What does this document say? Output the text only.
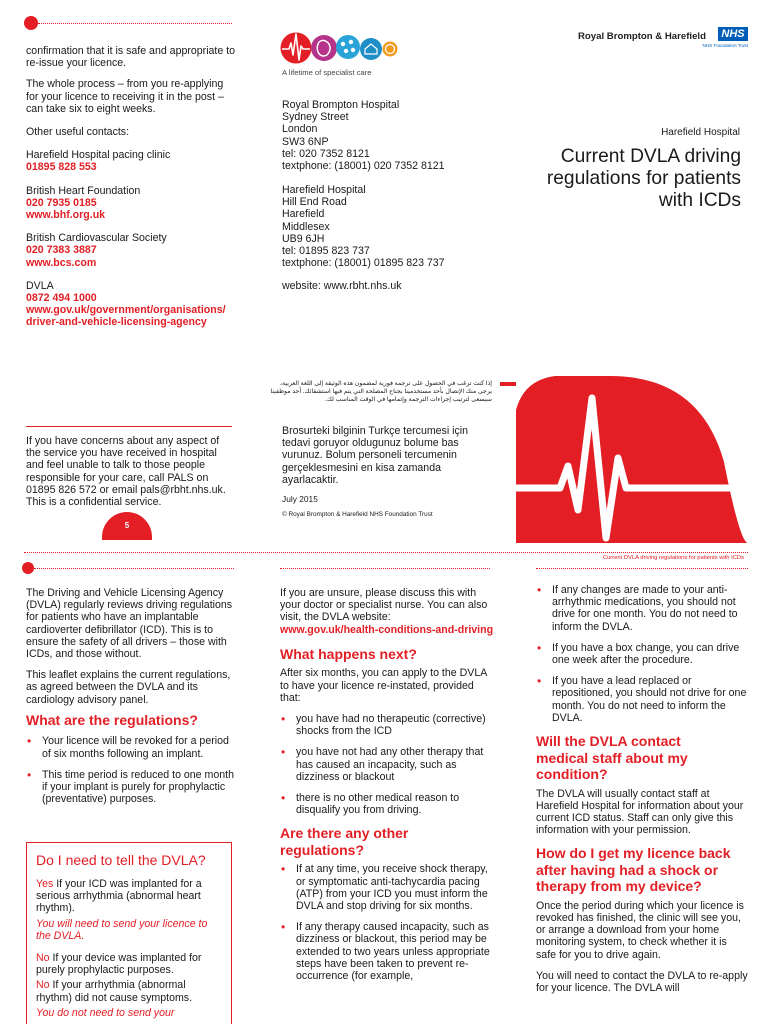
confirmation that it is safe and appropriate to re-issue your licence.

The whole process – from you re-applying for your licence to receiving it in the post – can take six to eight weeks.

Other useful contacts:

Harefield Hospital pacing clinic
01895 828 553
British Heart Foundation
020 7935 0185
www.bhf.org.uk
British Cardiovascular Society
020 7383 3887
www.bcs.com
DVLA
0872 494 1000
www.gov.uk/government/organisations/
driver-and-vehicle-licensing-agency
If you have concerns about any aspect of the service you have received in hospital and feel unable to talk to those people responsible for your care, call PALS on 01895 826 572 or email pals@rbht.nhs.uk. This is a confidential service.
5
A lifetime of specialist care
Royal Brompton Hospital
Sydney Street
London
SW3 6NP
tel: 020 7352 8121
textphone: (18001) 020 7352 8121
Harefield Hospital
Hill End Road
Harefield
Middlesex
UB9 6JH
tel: 01895 823 737
textphone: (18001) 01895 823 737
website: www.rbht.nhs.uk
إذا كنت ترغب في الحصول على ترجمة فورية لمضمون هذه الوثيقة إلى اللغة العربية، يرجى منك الإتصال بأحد مستخدمينا بجناح المصلحة التي يتم فيها استشفائك. أحد موظفينا سيسعى لترتيب إجراءات الترجمة وإتمامها في الوقت المناسب لك.
Brosurteki bilginin Turkçe tercumesi için tedavi goruyor oldugunuz bolume bas vurunuz. Bolum personeli tercumenin gerçeklesmesini en kisa zamanda ayarlacaktir.
July 2015
© Royal Brompton & Harefield NHS Foundation Trust
Royal Brompton & Harefield	NHS
NHS Foundation Trust
Harefield Hospital
Current DVLA driving regulations for patients with ICDs
Current DVLA driving regulations for patients with ICDs

The Driving and Vehicle Licensing Agency (DVLA) regularly reviews driving regulations for patients who have an implantable cardioverter defibrillator (ICD). This is to ensure the safety of all drivers – those with ICDs, and those without.

This leaflet explains the current regulations, as agreed between the DVLA and its cardiology advisory panel.

What are the regulations?
• Your licence will be revoked for a period of six months following an implant.
• This time period is reduced to one month if your implant is purely for prophylactic (preventative) purposes.
Do I need to tell the DVLA?

Yes If your ICD was implanted for a serious arrhythmia (abnormal heart rhythm).

You will need to send your licence to the DVLA.

No If your device was implanted for purely prophylactic purposes.

No If your arrhythmia (abnormal rhythm) did not cause symptoms.

You do not need to send your

If you are unsure, please discuss this with your doctor or specialist nurse. You can also visit, the DVLA website:

www.gov.uk/health-conditions-and-driving

What happens next?

After six months, you can apply to the DVLA to have your licence re-instated, provided that:

• you have had no therapeutic (corrective) shocks from the ICD
• you have not had any other therapy that has caused an incapacity, such as dizziness or blackout
• there is no other medical reason to disqualify you from driving.
Are there any other regulations?
• If at any time, you receive shock therapy, or symptomatic anti-tachycardia pacing (ATP) from your ICD you must inform the DVLA and stop driving for six months.
• If any therapy caused incapacity, such as dizziness or blackout, this period may be extended to two years unless appropriate steps have been taken to prevent re-occurrence (for example,
• If any changes are made to your anti-arrhythmic medications, you should not drive for one month. You do not need to inform the DVLA.
• If you have a box change, you can drive one week after the procedure.
• If you have a lead replaced or repositioned, you should not drive for one month. You do not need to inform the DVLA.
Will the DVLA contact medical staff about my condition?

The DVLA will usually contact staff at Harefield Hospital for information about your current ICD status. Staff can only give this information with your permission.

How do I get my licence back after having had a shock or therapy from my device?

Once the period during which your licence is revoked has finished, the clinic will see you, or arrange a download from your home monitoring system, to check whether it is safe for you to drive again.

You will need to contact the DVLA to re-apply for your licence. The DVLA will
